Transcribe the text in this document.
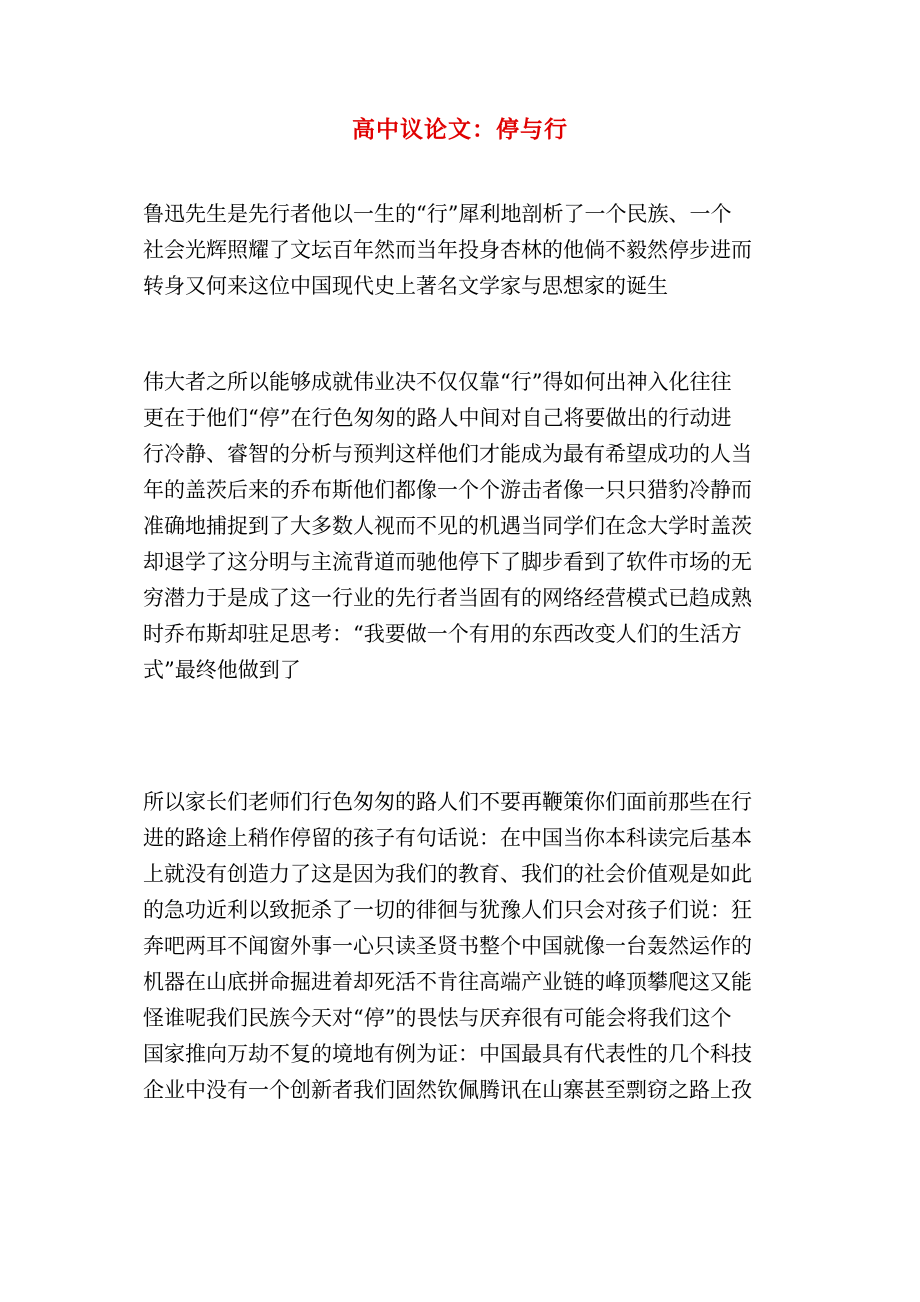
高中议论文：停与行
鲁迅先生是先行者他以一生的“行”犀利地剖析了一个民族、一个
社会光辉照耀了文坛百年然而当年投身杏林的他倘不毅然停步进而
转身又何来这位中国现代史上著名文学家与思想家的诞生
伟大者之所以能够成就伟业决不仅仅靠“行”得如何出神入化往往
更在于他们“停”在行色匆匆的路人中间对自己将要做出的行动进
行冷静、睿智的分析与预判这样他们才能成为最有希望成功的人当
年的盖茨后来的乔布斯他们都像一个个游击者像一只只猎豹冷静而
准确地捕捉到了大多数人视而不见的机遇当同学们在念大学时盖茨
却退学了这分明与主流背道而驰他停下了脚步看到了软件市场的无
穷潜力于是成了这一行业的先行者当固有的网络经营模式已趋成熟
时乔布斯却驻足思考：“我要做一个有用的东西改变人们的生活方
式”最终他做到了
所以家长们老师们行色匆匆的路人们不要再鞭策你们面前那些在行
进的路途上稍作停留的孩子有句话说：在中国当你本科读完后基本
上就没有创造力了这是因为我们的教育、我们的社会价值观是如此
的急功近利以致扼杀了一切的徘徊与犹豫人们只会对孩子们说：狂
奔吧两耳不闻窗外事一心只读圣贤书整个中国就像一台轰然运作的
机器在山底拼命掘进着却死活不肯往高端产业链的峰顶攀爬这又能
怪谁呢我们民族今天对“停”的畏怯与厌弃很有可能会将我们这个
国家推向万劫不复的境地有例为证：中国最具有代表性的几个科技
企业中没有一个创新者我们固然钦佩腾讯在山寨甚至剽窃之路上孜
